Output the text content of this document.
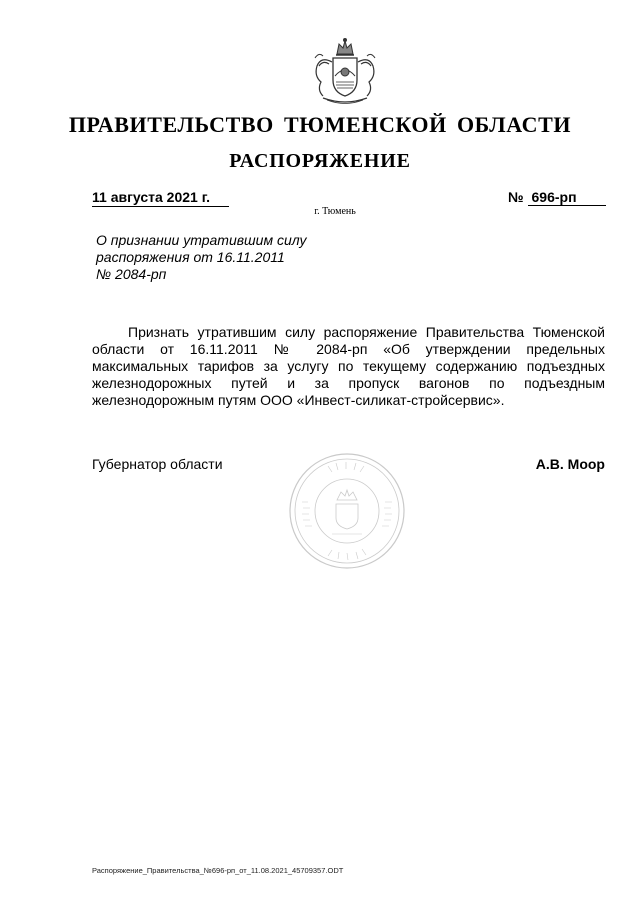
ПРАВИТЕЛЬСТВО ТЮМЕНСКОЙ ОБЛАСТИ
РАСПОРЯЖЕНИЕ
11 августа 2021 г.	№ 696-рп
г. Тюмень
О признании утратившим силу
распоряжения от 16.11.2011
№ 2084-рп
Признать утратившим силу распоряжение Правительства Тюменской области от 16.11.2011 № 2084-рп «Об утверждении предельных максимальных тарифов за услугу по текущему содержанию подъездных железнодорожных путей и за пропуск вагонов по подъездным железнодорожным путям ООО «Инвест-силикат-стройсервис».
Губернатор области	А.В. Моор
Распоряжение_Правительства_№696-рп_от_11.08.2021_45709357.ODT
